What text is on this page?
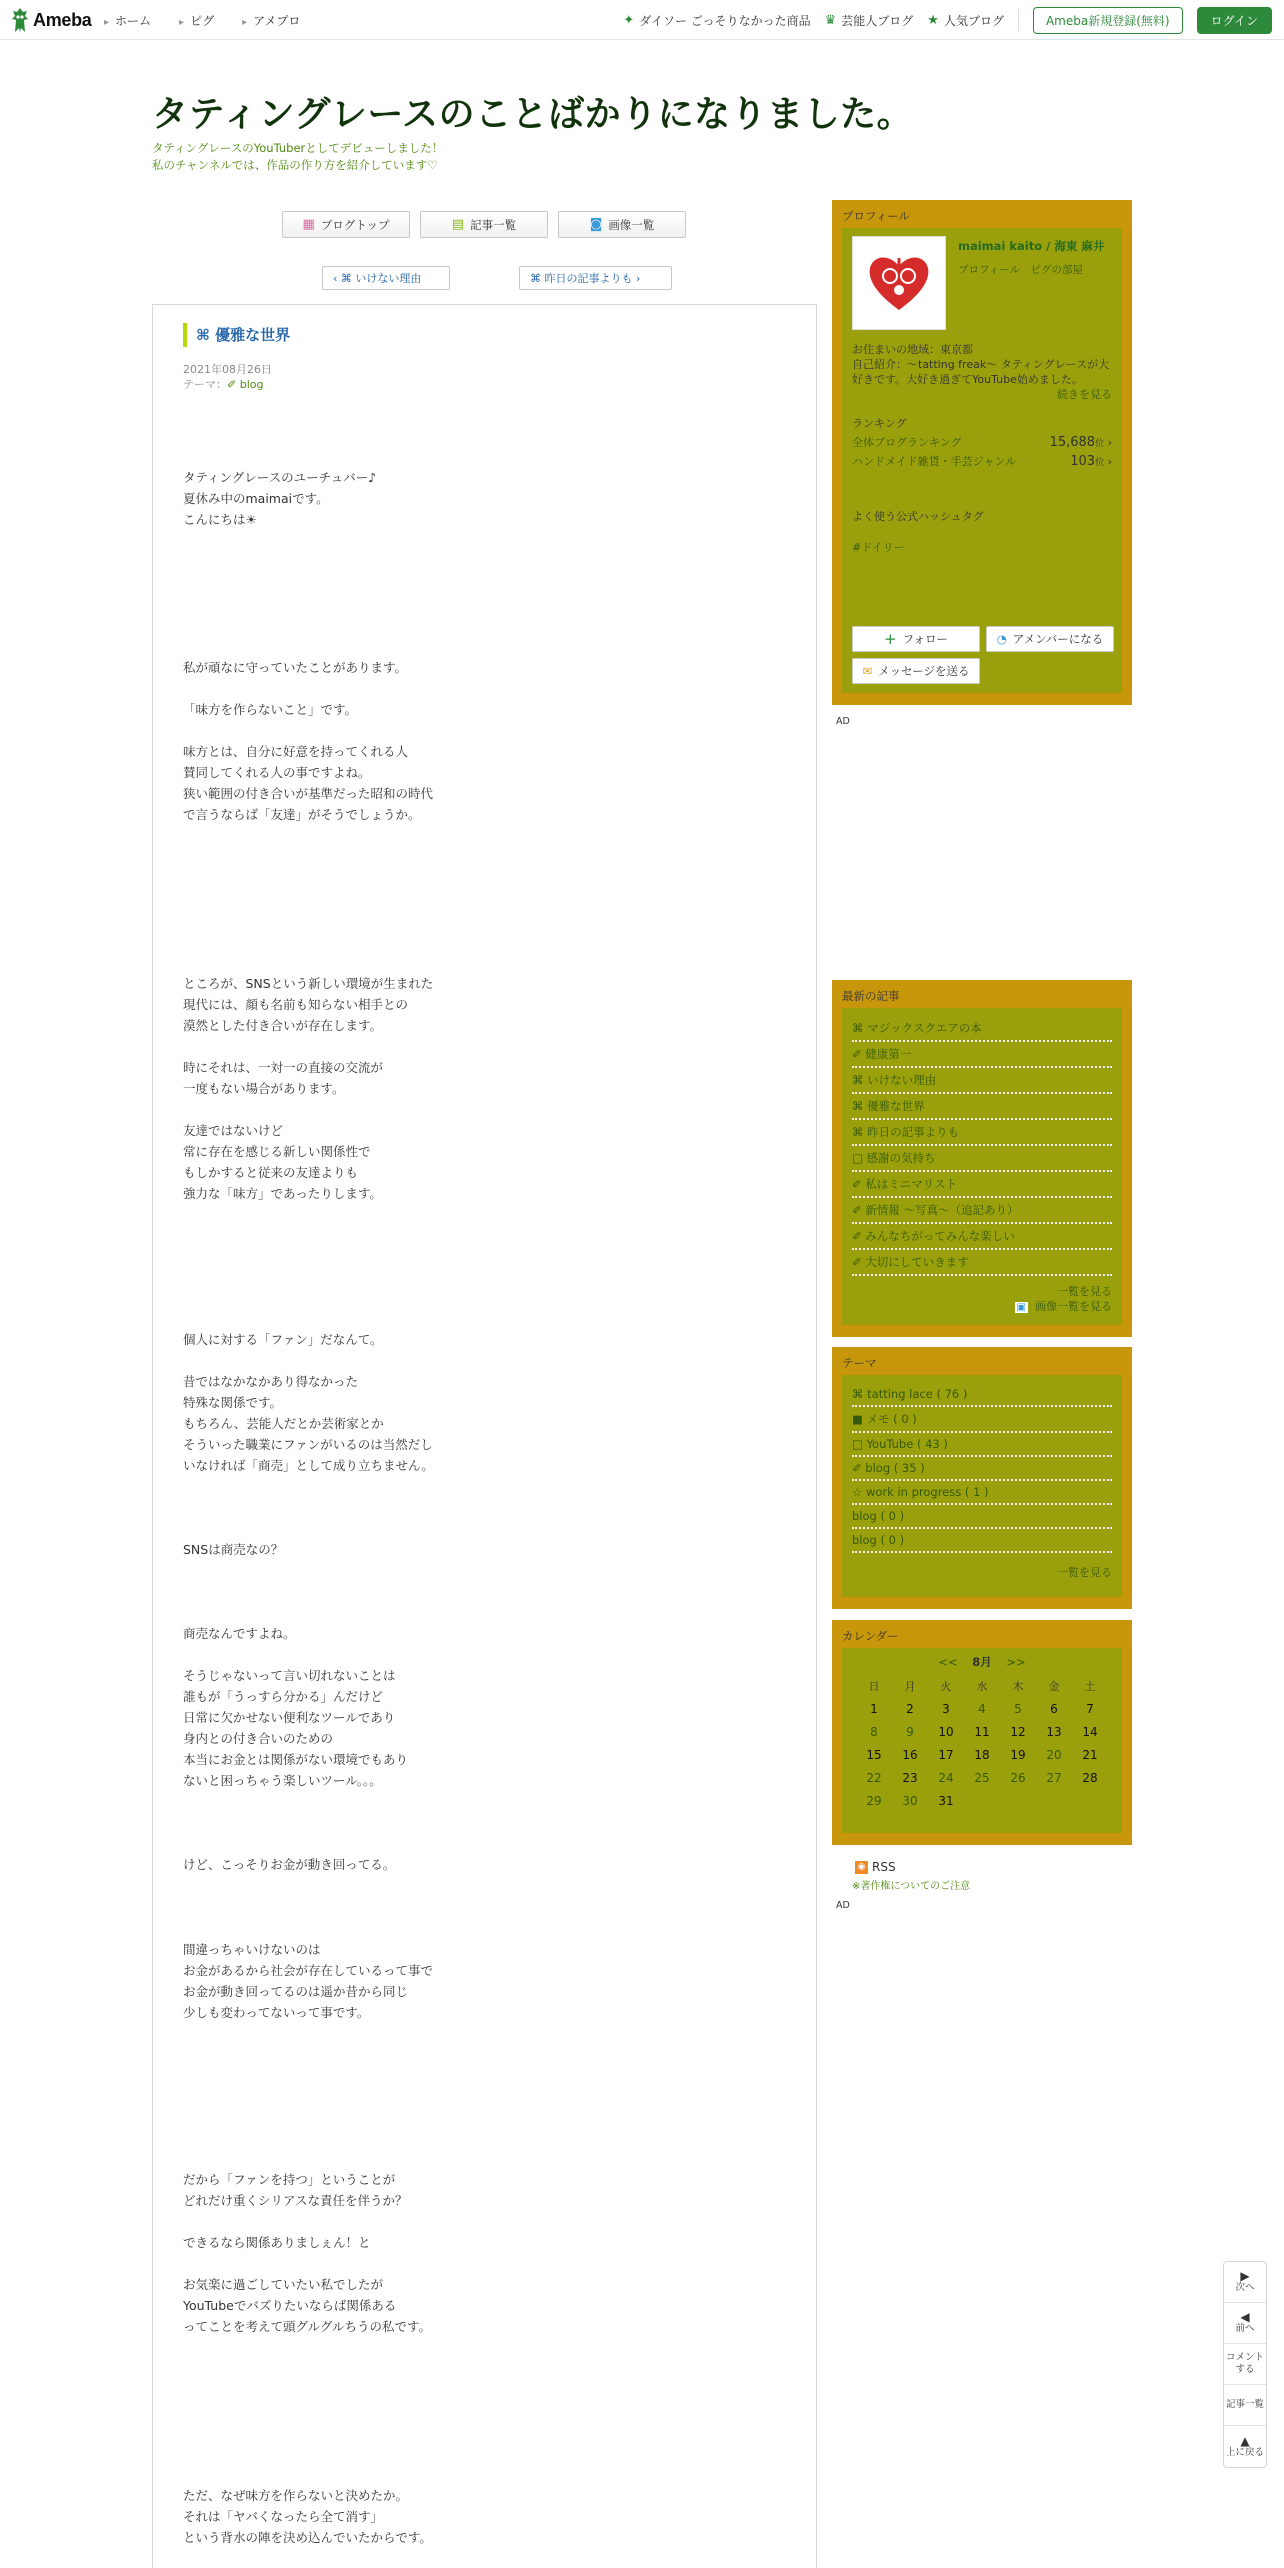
Ameba	▸ ホーム	▸ ピグ	▸ アメプロ	✦ ダイソー ごっそりなかった商品 ♛ 芸能人ブログ ★ 人気ブログ	Ameba新規登録(無料)	ログイン
タティングレースのことばかりになりました。
タティングレースのYouTuberとしてデビューしました！
私のチャンネルでは、作品の作り方を紹介しています♡
▦ ブログトップ	▤ 記事一覧	◙ 画像一覧
‹
⌘
いけない理由	⌘
昨日の記事よりも
›
⌘ 優雅な世界
2021年08月26日
テーマ：✐ blog
タティングレースのユーチュバー♪
夏休み中のmaimaiです。
こんにちは☀
私が頑なに守っていたことがあります。

「味方を作らないこと」です。

味方とは、自分に好意を持ってくれる人
賛同してくれる人の事ですよね。
狭い範囲の付き合いが基準だった昭和の時代
で言うならば「友達」がそうでしょうか。
ところが、SNSという新しい環境が生まれた
現代には、顔も名前も知らない相手との
漠然とした付き合いが存在します。

時にそれは、一対一の直接の交流が
一度もない場合があります。

友達ではないけど
常に存在を感じる新しい関係性で
もしかすると従来の友達よりも
強力な「味方」であったりします。
個人に対する「ファン」だなんて。

昔ではなかなかあり得なかった
特殊な関係です。
もちろん、芸能人だとか芸術家とか
そういった職業にファンがいるのは当然だし
いなければ「商売」として成り立ちません。
SNSは商売なの？
商売なんですよね。

そうじゃないって言い切れないことは
誰もが「うっすら分かる」んだけど
日常に欠かせない便利なツールであり
身内との付き合いのための
本当にお金とは関係がない環境でもあり
ないと困っちゃう楽しいツール。。。
けど、こっそりお金が動き回ってる。
間違っちゃいけないのは
お金があるから社会が存在しているって事で
お金が動き回ってるのは遥か昔から同じ
少しも変わってないって事です。
だから「ファンを持つ」ということが
どれだけ重くシリアスな責任を伴うか？

できるなら関係ありましぇん！と

お気楽に過ごしていたい私でしたが
YouTubeでバズりたいならば関係ある
ってことを考えて頭グルグルちうの私です。
ただ、なぜ味方を作らないと決めたか。
それは「ヤバくなったら全て消す」
という背水の陣を決め込んでいたからです。
プロフィール
maimai kaito / 海東 麻井
プロフィール　ピグの部屋
お住まいの地域：東京都
自己紹介：〜tatting freak〜 タティングレースが大好きです。大好き過ぎてYouTube始めました。
続きを見る
ランキング
全体ブログランキング	15,688位 ›
ハンドメイド雑貨・手芸ジャンル	103位 ›
よく使う公式ハッシュタグ
#ドイリー
+ フォロー	◔ アメンバーになる
✉ メッセージを送る
AD
最新の記事
⌘ マジックスクエアの本
✐ 健康第一
⌘ いけない理由
⌘ 優雅な世界
⌘ 昨日の記事よりも
□ 感謝の気持ち
✐ 私はミニマリスト
✐ 新情報 〜写真〜（追記あり）
✐ みんなちがってみんな楽しい
✐ 大切にしていきます
一覧を見る
▣ 画像一覧を見る
テーマ
⌘ tatting lace ( 76 )
■ メモ ( 0 )
□ YouTube ( 43 )
✐ blog ( 35 )
☆ work in progress ( 1 )
blog ( 0 )
blog ( 0 )
一覧を見る
カレンダー
<< 8月 >>
日	月	火	水	木	金	土
1	2	3	4	5	6	7
8	9	10	11	12	13	14
15	16	17	18	19	20	21
22	23	24	25	26	27	28
29	30	31				
◉ RSS
※著作権についてのご注意
AD
▶
次へ
◀
前へ
コメント
する
記事一覧
▲
上に戻る
